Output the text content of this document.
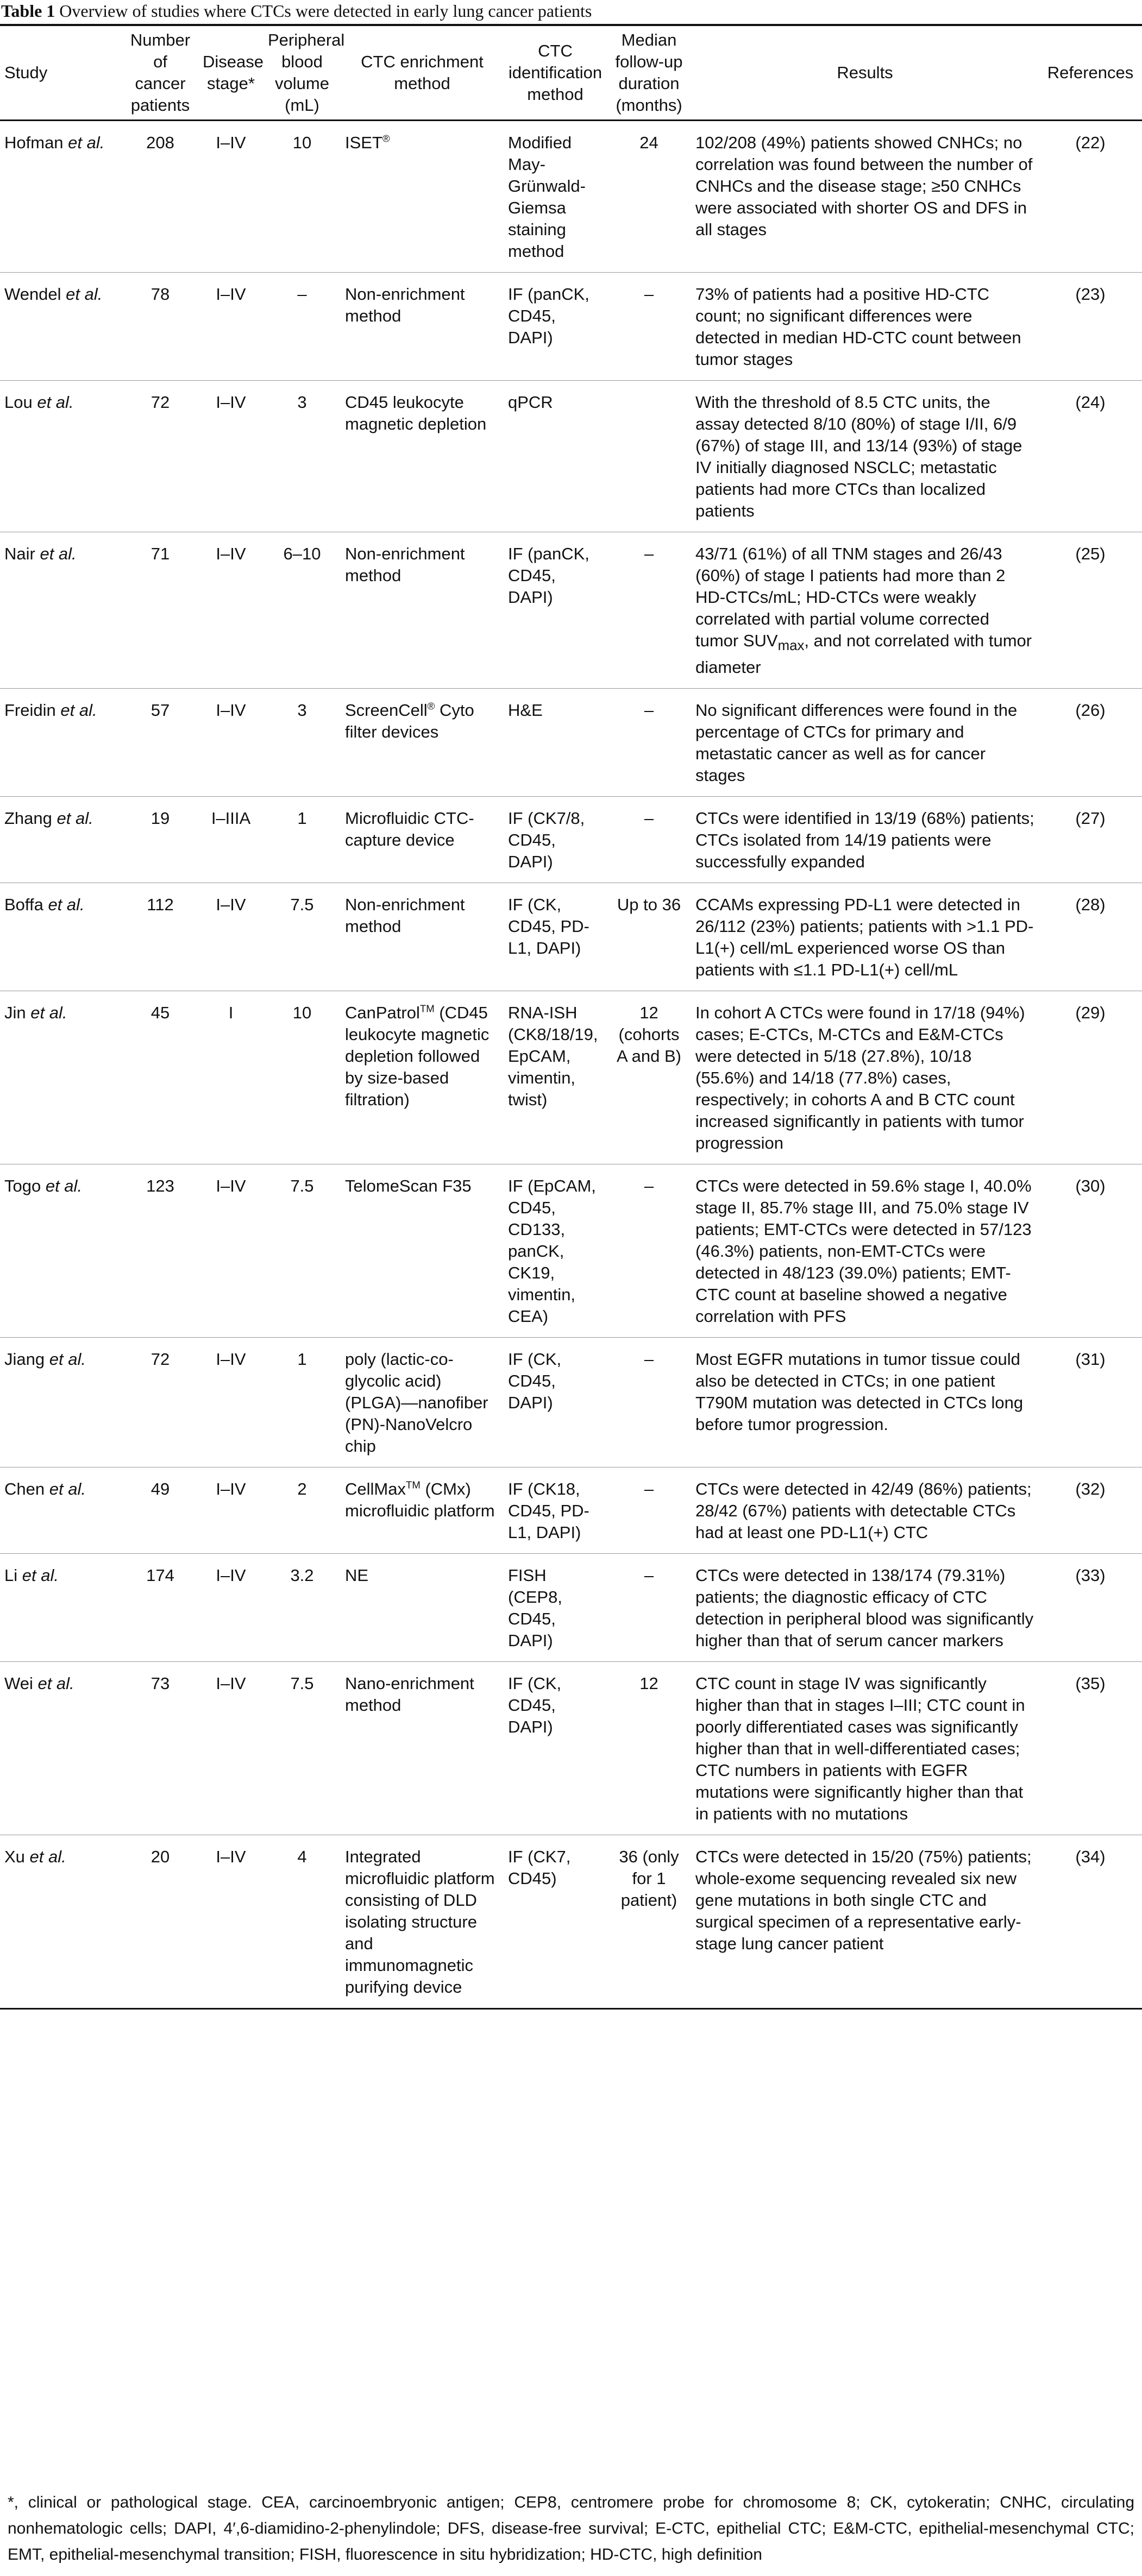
Table 1 Overview of studies where CTCs were detected in early lung cancer patients
Study	Number of cancer patients	Disease stage*	Peripheral blood volume (mL)	CTC enrichment method	CTC identification method	Median follow-up duration (months)	Results	References
Hofman et al.	208	I–IV	10	ISET®	Modified May-Grünwald-Giemsa staining method	24	102/208 (49%) patients showed CNHCs; no correlation was found between the number of CNHCs and the disease stage; ≥50 CNHCs were associated with shorter OS and DFS in all stages	(22)
Wendel et al.	78	I–IV	–	Non-enrichment method	IF (panCK, CD45, DAPI)	–	73% of patients had a positive HD-CTC count; no significant differences were detected in median HD-CTC count between tumor stages	(23)
Lou et al.	72	I–IV	3	CD45 leukocyte magnetic depletion	qPCR		With the threshold of 8.5 CTC units, the assay detected 8/10 (80%) of stage I/II, 6/9 (67%) of stage III, and 13/14 (93%) of stage IV initially diagnosed NSCLC; metastatic patients had more CTCs than localized patients	(24)
Nair et al.	71	I–IV	6–10	Non-enrichment method	IF (panCK, CD45, DAPI)	–	43/71 (61%) of all TNM stages and 26/43 (60%) of stage I patients had more than 2 HD-CTCs/mL; HD-CTCs were weakly correlated with partial volume corrected tumor $SUV_{max}$, and not correlated with tumor diameter	(25)
Freidin et al.	57	I–IV	3	ScreenCell® Cyto filter devices	H&E	–	No significant differences were found in the percentage of CTCs for primary and metastatic cancer as well as for cancer stages	(26)
Zhang et al.	19	I–IIIA	1	Microfluidic CTC-capture device	IF (CK7/8, CD45, DAPI)	–	CTCs were identified in 13/19 (68%) patients; CTCs isolated from 14/19 patients were successfully expanded	(27)
Boffa et al.	112	I–IV	7.5	Non-enrichment method	IF (CK, CD45, PD-L1, DAPI)	Up to 36	CCAMs expressing PD-L1 were detected in 26/112 (23%) patients; patients with >1.1 PD-L1(+) cell/mL experienced worse OS than patients with ≤1.1 PD-L1(+) cell/mL	(28)
Jin et al.	45	I	10	CanPatrol™ (CD45 leukocyte magnetic depletion followed by size-based filtration)	RNA-ISH (CK8/18/19, EpCAM, vimentin, twist)	12 (cohorts A and B)	In cohort A CTCs were found in 17/18 (94%) cases; E-CTCs, M-CTCs and E&M-CTCs were detected in 5/18 (27.8%), 10/18 (55.6%) and 14/18 (77.8%) cases, respectively; in cohorts A and B CTC count increased significantly in patients with tumor progression	(29)
Togo et al.	123	I–IV	7.5	TelomeScan F35	IF (EpCAM, CD45, CD133, panCK, CK19, vimentin, CEA)	–	CTCs were detected in 59.6% stage I, 40.0% stage II, 85.7% stage III, and 75.0% stage IV patients; EMT-CTCs were detected in 57/123 (46.3%) patients, non-EMT-CTCs were detected in 48/123 (39.0%) patients; EMT-CTC count at baseline showed a negative correlation with PFS	(30)
Jiang et al.	72	I–IV	1	poly (lactic-co-glycolic acid) (PLGA)—nanofiber (PN)-NanoVelcro chip	IF (CK, CD45, DAPI)	–	Most EGFR mutations in tumor tissue could also be detected in CTCs; in one patient T790M mutation was detected in CTCs long before tumor progression.	(31)
Chen et al.	49	I–IV	2	CellMax™ (CMx) microfluidic platform	IF (CK18, CD45, PD-L1, DAPI)	–	CTCs were detected in 42/49 (86%) patients; 28/42 (67%) patients with detectable CTCs had at least one PD-L1(+) CTC	(32)
Li et al.	174	I–IV	3.2	NE	FISH (CEP8, CD45, DAPI)	–	CTCs were detected in 138/174 (79.31%) patients; the diagnostic efficacy of CTC detection in peripheral blood was significantly higher than that of serum cancer markers	(33)
Wei et al.	73	I–IV	7.5	Nano-enrichment method	IF (CK, CD45, DAPI)	12	CTC count in stage IV was significantly higher than that in stages I–III; CTC count in poorly differentiated cases was significantly higher than that in well-differentiated cases; CTC numbers in patients with EGFR mutations were significantly higher than that in patients with no mutations	(35)
Xu et al.	20	I–IV	4	Integrated microfluidic platform consisting of DLD isolating structure and immunomagnetic purifying device	IF (CK7, CD45)	36 (only for 1 patient)	CTCs were detected in 15/20 (75%) patients; whole-exome sequencing revealed six new gene mutations in both single CTC and surgical specimen of a representative early-stage lung cancer patient	(34)
*, clinical or pathological stage. CEA, carcinoembryonic antigen; CEP8, centromere probe for chromosome 8; CK, cytokeratin; CNHC, circulating nonhematologic cells; DAPI, 4′,6-diamidino-2-phenylindole; DFS, disease-free survival; E-CTC, epithelial CTC; E&M-CTC, epithelial-mesenchymal CTC; EMT, epithelial-mesenchymal transition; FISH, fluorescence in situ hybridization; HD-CTC, high definition
